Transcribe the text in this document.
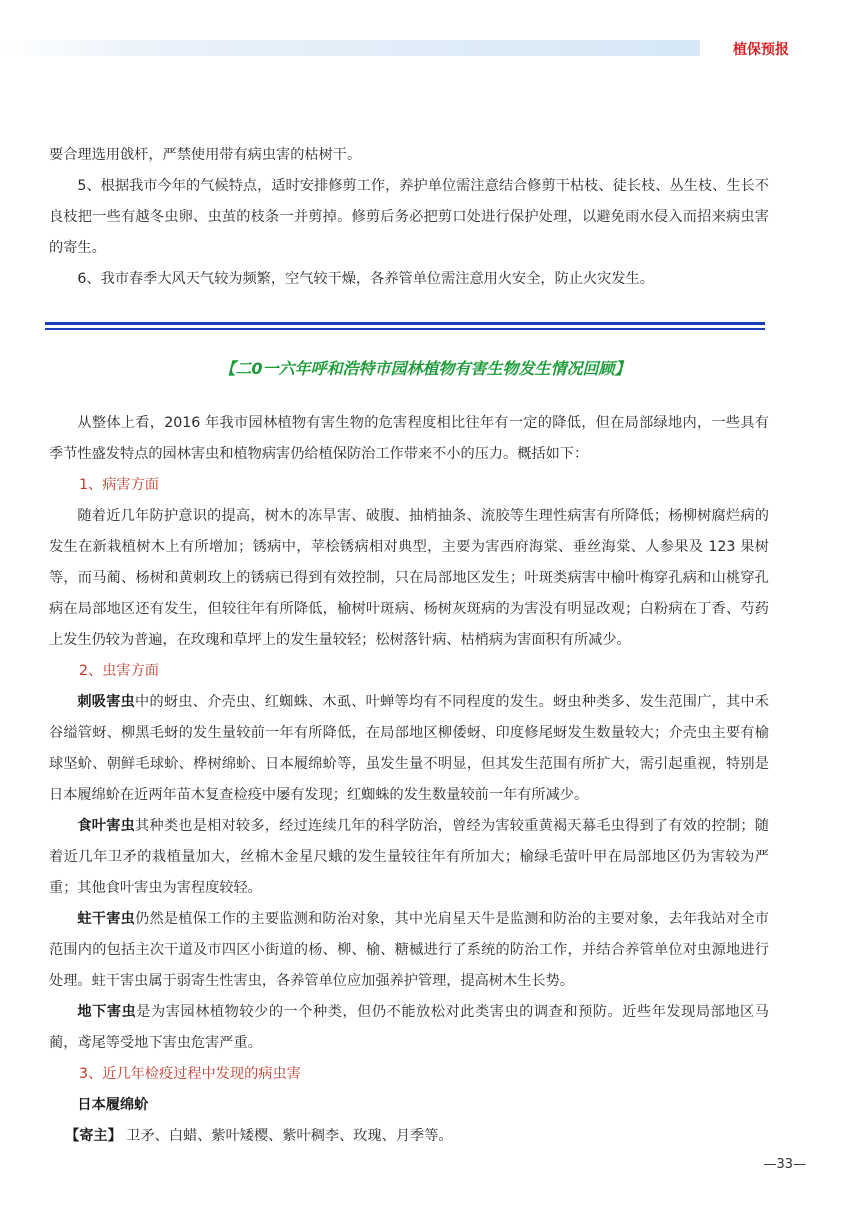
植保预报

要合理选用戗杆，严禁使用带有病虫害的枯树干。

5、根据我市今年的气候特点，适时安排修剪工作，养护单位需注意结合修剪干枯枝、徒长枝、丛生枝、生长不良枝把一些有越冬虫卵、虫茧的枝条一并剪掉。修剪后务必把剪口处进行保护处理，以避免雨水侵入而招来病虫害的寄生。

6、我市春季大风天气较为频繁，空气较干燥，各养管单位需注意用火安全，防止火灾发生。

【二0一六年呼和浩特市园林植物有害生物发生情况回顾】

从整体上看，2016 年我市园林植物有害生物的危害程度相比往年有一定的降低，但在局部绿地内，一些具有季节性盛发特点的园林害虫和植物病害仍给植保防治工作带来不小的压力。概括如下：

1、病害方面

随着近几年防护意识的提高，树木的冻旱害、破腹、抽梢抽条、流胶等生理性病害有所降低；杨柳树腐烂病的发生在新栽植树木上有所增加；锈病中，苹桧锈病相对典型，主要为害西府海棠、垂丝海棠、人参果及 123 果树等，而马蔺、杨树和黄刺玫上的锈病已得到有效控制，只在局部地区发生；叶斑类病害中榆叶梅穿孔病和山桃穿孔病在局部地区还有发生，但较往年有所降低，榆树叶斑病、杨树灰斑病的为害没有明显改观；白粉病在丁香、芍药上发生仍较为普遍，在玫瑰和草坪上的发生量较轻；松树落针病、枯梢病为害面积有所减少。

2、虫害方面

刺吸害虫中的蚜虫、介壳虫、红蜘蛛、木虱、叶蝉等均有不同程度的发生。蚜虫种类多、发生范围广，其中禾谷缢管蚜、柳黑毛蚜的发生量较前一年有所降低，在局部地区柳倭蚜、印度修尾蚜发生数量较大；介壳虫主要有榆球坚蚧、朝鲜毛球蚧、桦树绵蚧、日本履绵蚧等，虽发生量不明显，但其发生范围有所扩大，需引起重视，特别是日本履绵蚧在近两年苗木复查检疫中屡有发现；红蜘蛛的发生数量较前一年有所减少。

食叶害虫其种类也是相对较多，经过连续几年的科学防治，曾经为害较重黄褐天幕毛虫得到了有效的控制；随着近几年卫矛的栽植量加大，丝棉木金星尺蛾的发生量较往年有所加大；榆绿毛萤叶甲在局部地区仍为害较为严重；其他食叶害虫为害程度较轻。

蛀干害虫仍然是植保工作的主要监测和防治对象，其中光肩星天牛是监测和防治的主要对象，去年我站对全市范围内的包括主次干道及市四区小街道的杨、柳、榆、糖槭进行了系统的防治工作，并结合养管单位对虫源地进行处理。蛀干害虫属于弱寄生性害虫，各养管单位应加强养护管理，提高树木生长势。

地下害虫是为害园林植物较少的一个种类，但仍不能放松对此类害虫的调查和预防。近些年发现局部地区马蔺，鸢尾等受地下害虫危害严重。

3、近几年检疫过程中发现的病虫害

日本履绵蚧

【寄主】 卫矛、白蜡、紫叶矮樱、紫叶稠李、玫瑰、月季等。

—33—
